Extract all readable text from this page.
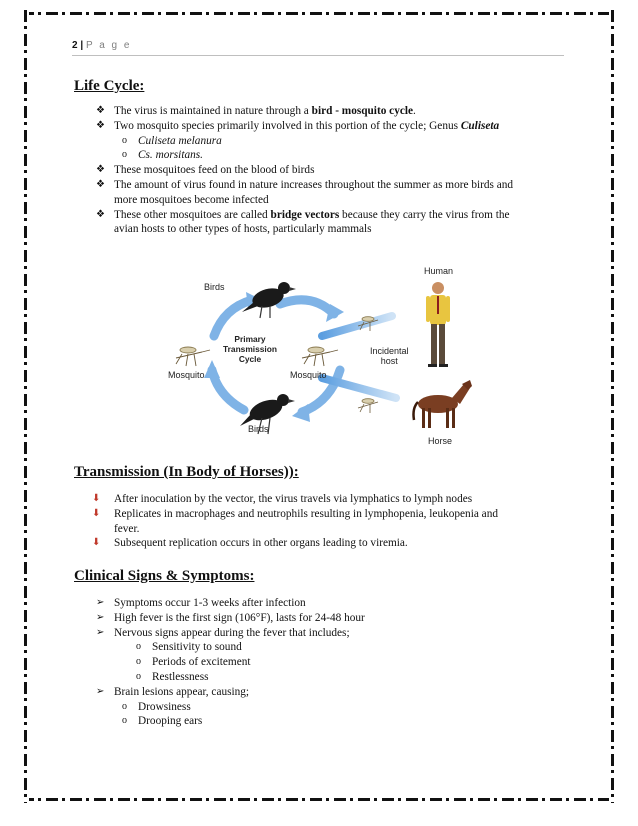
2 | P a g e
Life Cycle:
❖ The virus is maintained in nature through a bird - mosquito cycle.
❖ Two mosquito species primarily involved in this portion of the cycle; Genus Culiseta
o Culiseta melanura
o Cs. morsitans.
❖ These mosquitoes feed on the blood of birds
❖ The amount of virus found in nature increases throughout the summer as more birds and
more mosquitoes become infected
❖ These other mosquitoes are called bridge vectors because they carry the virus from the
avian hosts to other types of hosts, particularly mammals
Birds
Birds
Mosquito	Mosquito
Primary
Transmission
Cycle
Human
Incidental
host
Horse
Transmission (In Body of Horses)):
⬇	After inoculation by the vector, the virus travels via lymphatics to lymph nodes
⬇	Replicates in macrophages and neutrophils resulting in lymphopenia, leukopenia and
fever.
⬇	Subsequent replication occurs in other organs leading to viremia.
Clinical Signs & Symptoms:
➢ Symptoms occur 1-3 weeks after infection
➢ High fever is the first sign (106°F), lasts for 24-48 hour
➢ Nervous signs appear during the fever that includes;
o Sensitivity to sound
o Periods of excitement
o Restlessness
➢ Brain lesions appear, causing;
o Drowsiness
o Drooping ears
